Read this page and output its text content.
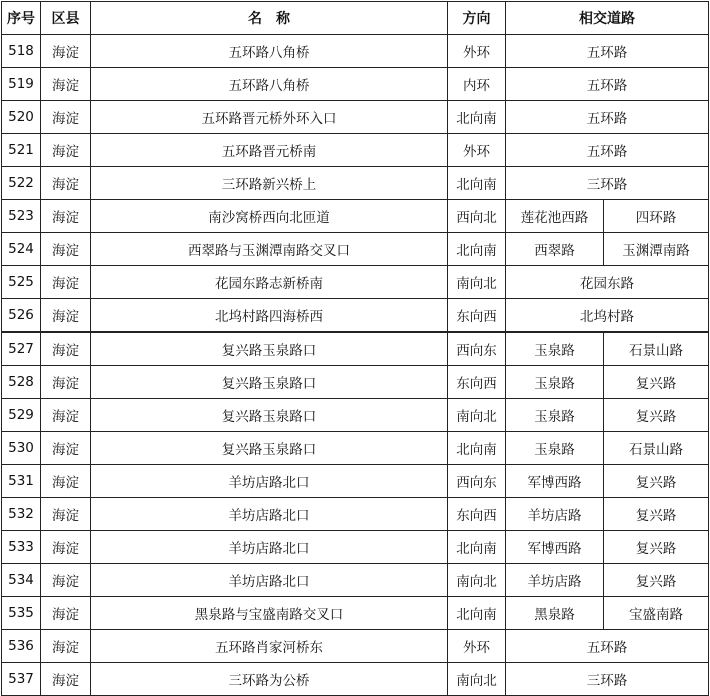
序号	区县	名　称	方向	相交道路	
518	海淀	五环路八角桥	外环	五环路	
519	海淀	五环路八角桥	内环	五环路	
520	海淀	五环路晋元桥外环入口	北向南	五环路	
521	海淀	五环路晋元桥南	外环	五环路	
522	海淀	三环路新兴桥上	北向南	三环路	
523	海淀	南沙窝桥西向北匝道	西向北	莲花池西路	四环路
524	海淀	西翠路与玉渊潭南路交叉口	北向南	西翠路	玉渊潭南路
525	海淀	花园东路志新桥南	南向北	花园东路	
526	海淀	北坞村路四海桥西	东向西	北坞村路	
527	海淀	复兴路玉泉路口	西向东	玉泉路	石景山路
528	海淀	复兴路玉泉路口	东向西	玉泉路	复兴路
529	海淀	复兴路玉泉路口	南向北	玉泉路	复兴路
530	海淀	复兴路玉泉路口	北向南	玉泉路	石景山路
531	海淀	羊坊店路北口	西向东	军博西路	复兴路
532	海淀	羊坊店路北口	东向西	羊坊店路	复兴路
533	海淀	羊坊店路北口	北向南	军博西路	复兴路
534	海淀	羊坊店路北口	南向北	羊坊店路	复兴路
535	海淀	黑泉路与宝盛南路交叉口	北向南	黑泉路	宝盛南路
536	海淀	五环路肖家河桥东	外环	五环路	
537	海淀	三环路为公桥	南向北	三环路	
